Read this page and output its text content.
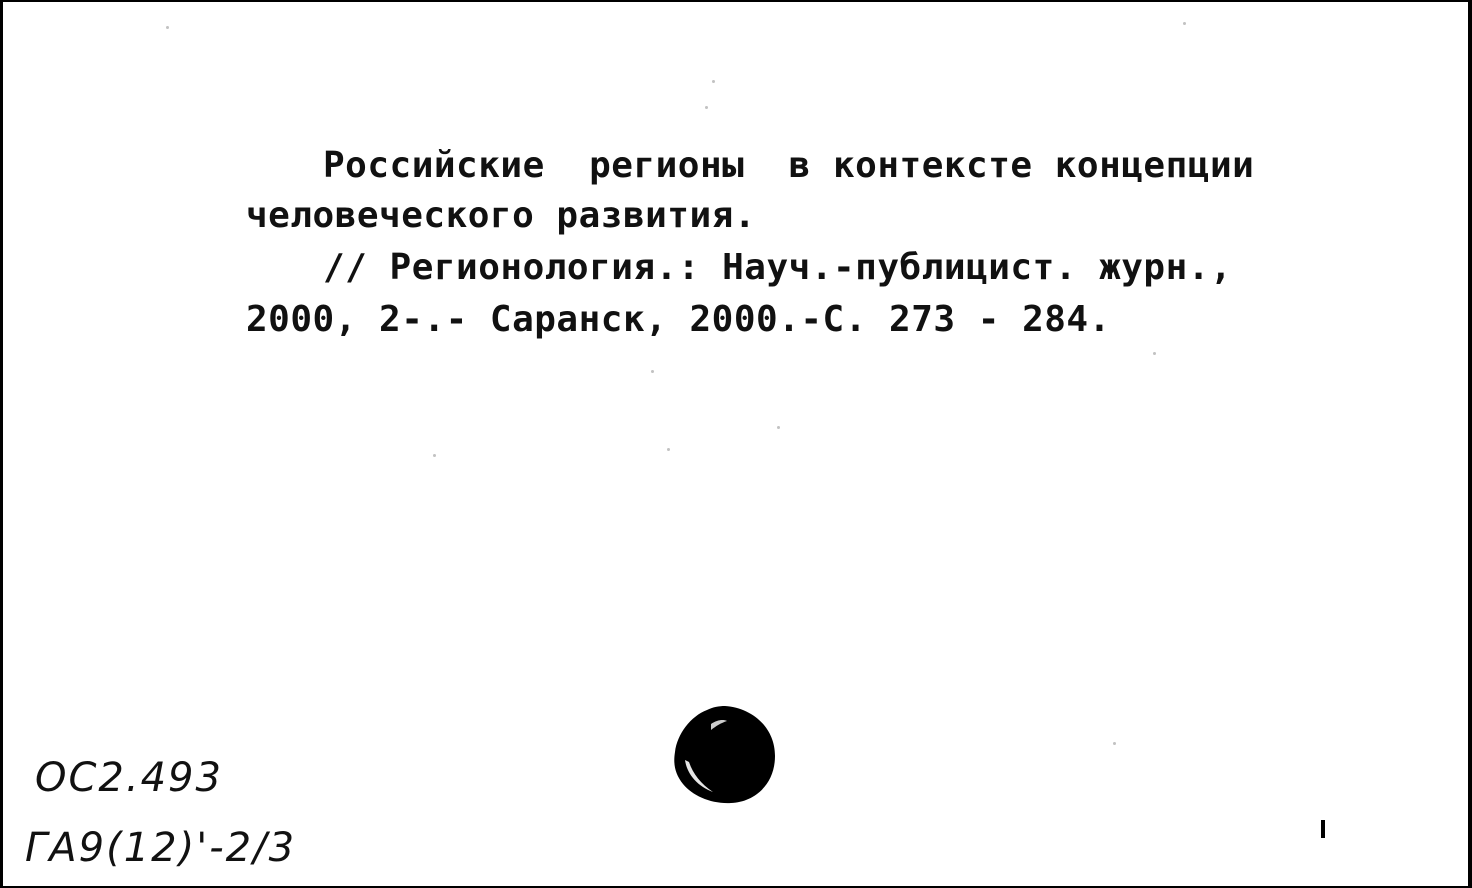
Российские  регионы  в контексте концепции
человеческого развития.
// Регионология.: Науч.-публицист. журн.,
2000, 2-.- Саранск, 2000.-С. 273 - 284.
ОС2.493
ГА9(12)'-2/3
